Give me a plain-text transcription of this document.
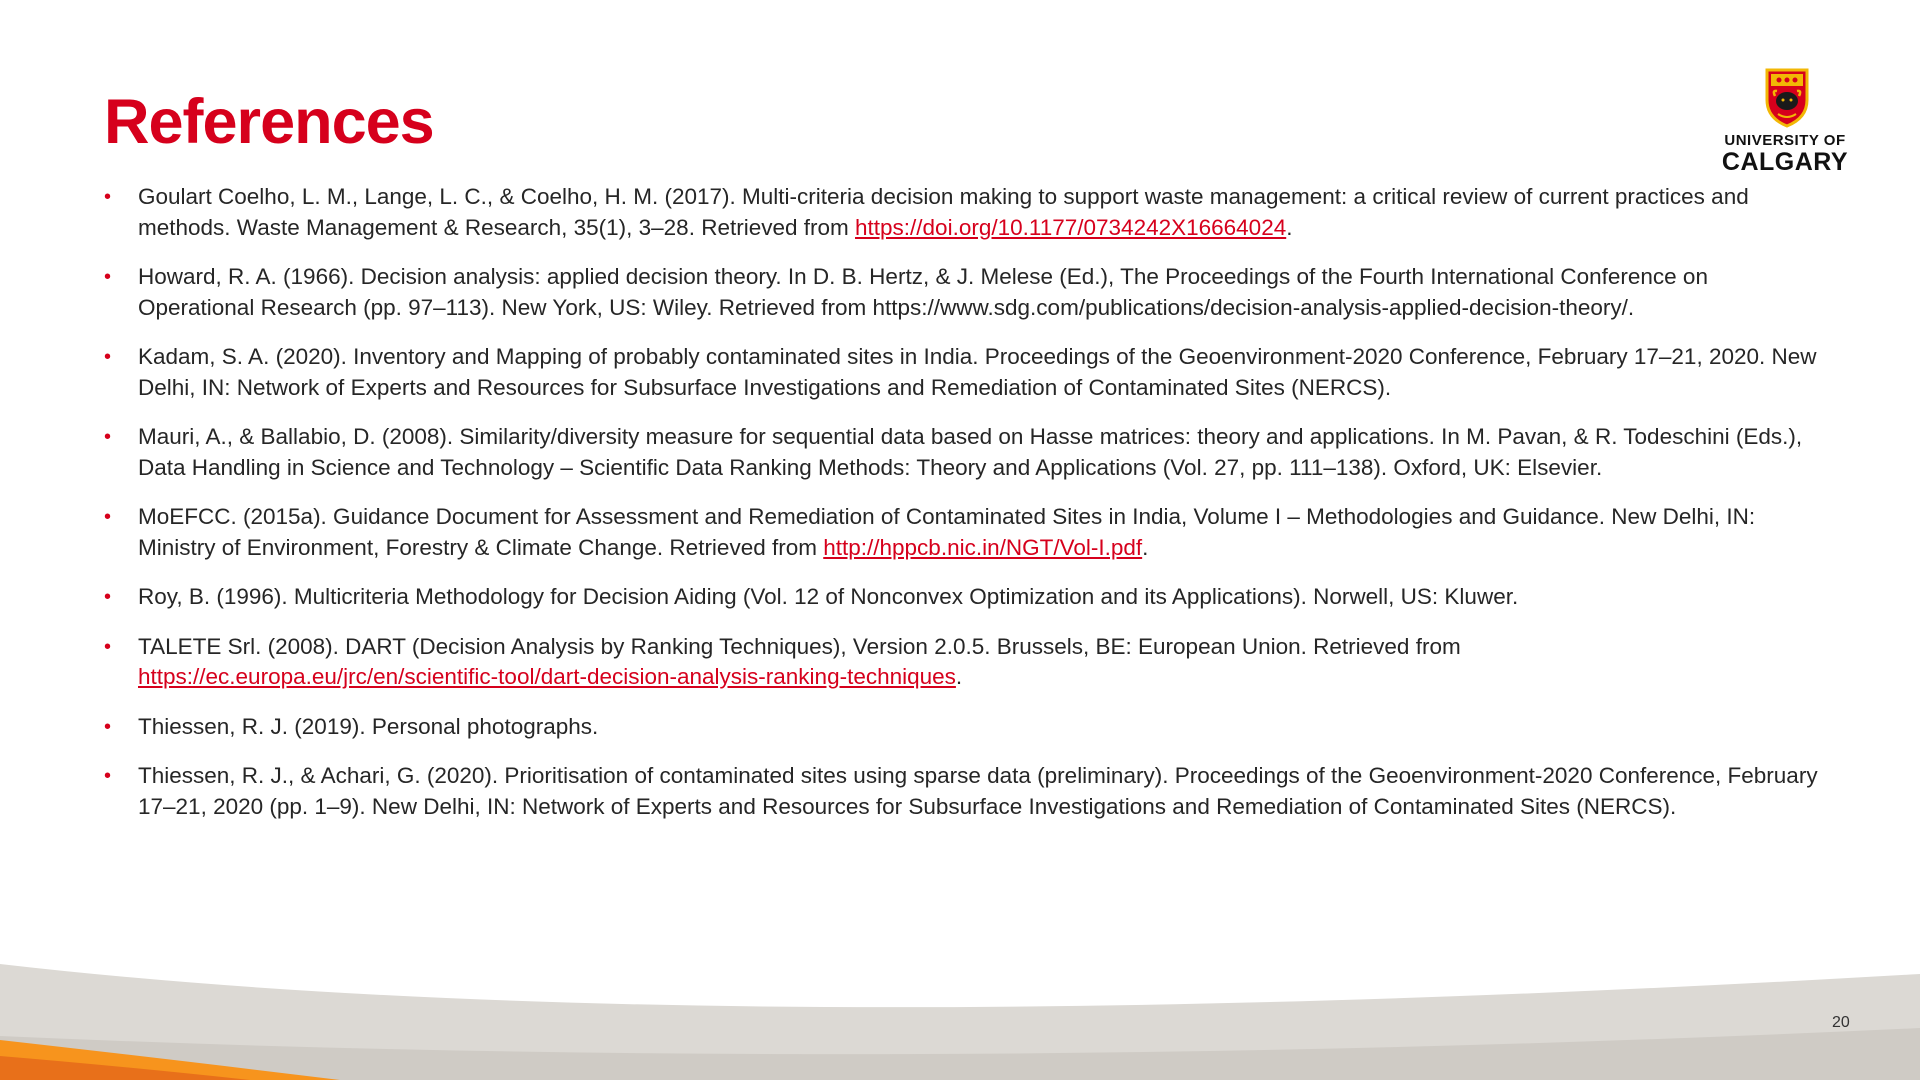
References	UNIVERSITY OF
CALGARY
• Goulart Coelho, L. M., Lange, L. C., & Coelho, H. M. (2017). Multi-criteria decision making to support waste management: a critical review of current practices and methods. Waste Management & Research, 35(1), 3–28. Retrieved from https://doi.org/10.1177/0734242X16664024.
• Howard, R. A. (1966). Decision analysis: applied decision theory. In D. B. Hertz, & J. Melese (Ed.), The Proceedings of the Fourth International Conference on Operational Research (pp. 97–113). New York, US: Wiley. Retrieved from https://www.sdg.com/publications/decision-analysis-applied-decision-theory/.
• Kadam, S. A. (2020). Inventory and Mapping of probably contaminated sites in India. Proceedings of the Geoenvironment-2020 Conference, February 17–21, 2020. New Delhi, IN: Network of Experts and Resources for Subsurface Investigations and Remediation of Contaminated Sites (NERCS).
• Mauri, A., & Ballabio, D. (2008). Similarity/diversity measure for sequential data based on Hasse matrices: theory and applications. In M. Pavan, & R. Todeschini (Eds.), Data Handling in Science and Technology – Scientific Data Ranking Methods: Theory and Applications (Vol. 27, pp. 111–138). Oxford, UK: Elsevier.
• MoEFCC. (2015a). Guidance Document for Assessment and Remediation of Contaminated Sites in India, Volume I – Methodologies and Guidance. New Delhi, IN: Ministry of Environment, Forestry & Climate Change. Retrieved from http://hppcb.nic.in/NGT/Vol-I.pdf.
• Roy, B. (1996). Multicriteria Methodology for Decision Aiding (Vol. 12 of Nonconvex Optimization and its Applications). Norwell, US: Kluwer.
• TALETE Srl. (2008). DART (Decision Analysis by Ranking Techniques), Version 2.0.5. Brussels, BE: European Union. Retrieved from https://ec.europa.eu/jrc/en/scientific-tool/dart-decision-analysis-ranking-techniques.
• Thiessen, R. J. (2019). Personal photographs.
• Thiessen, R. J., & Achari, G. (2020). Prioritisation of contaminated sites using sparse data (preliminary). Proceedings of the Geoenvironment-2020 Conference, February 17–21, 2020 (pp. 1–9). New Delhi, IN: Network of Experts and Resources for Subsurface Investigations and Remediation of Contaminated Sites (NERCS).
20
